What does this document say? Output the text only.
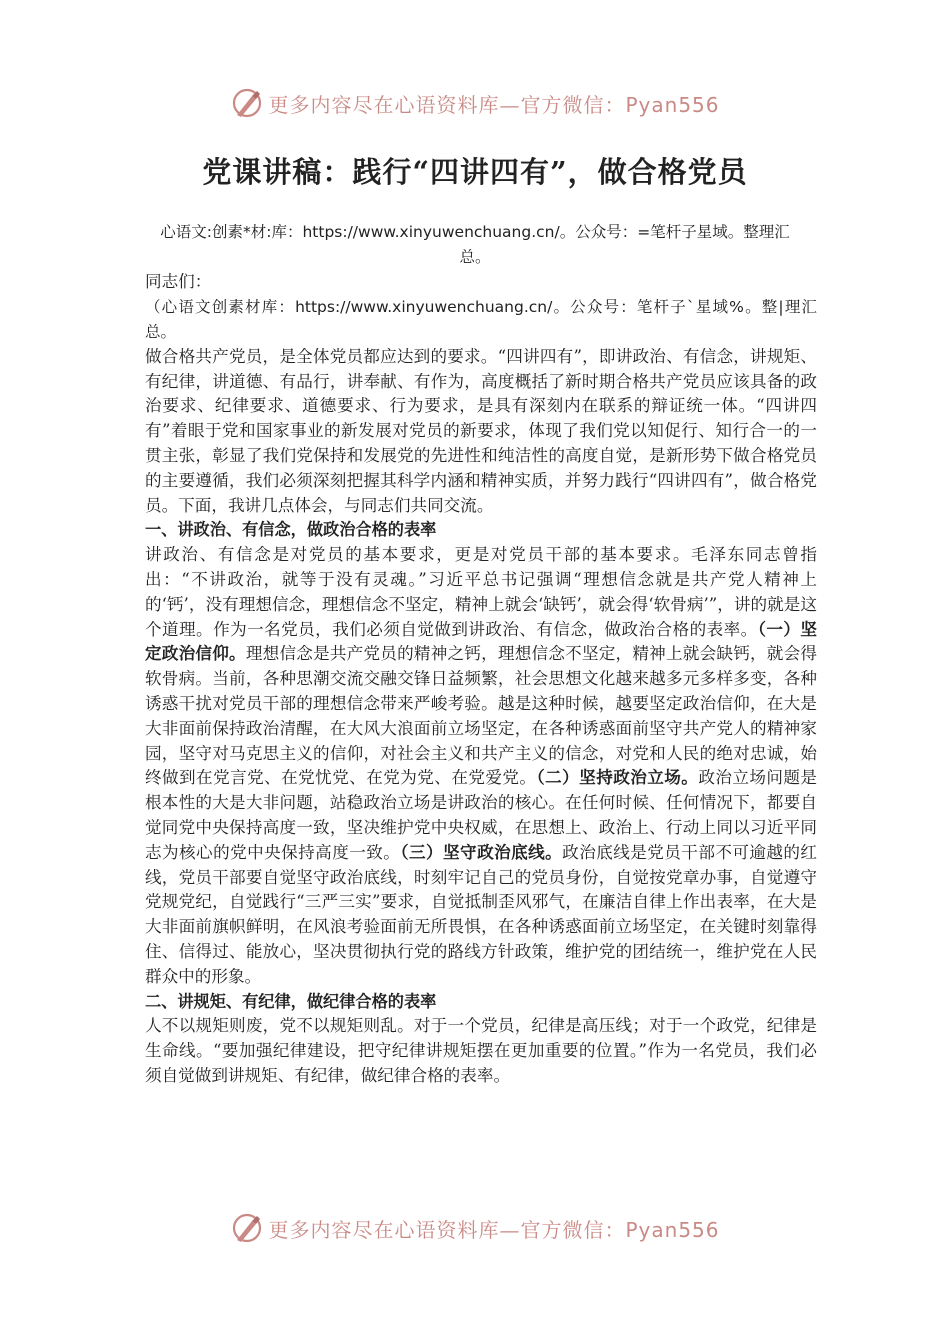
更多内容尽在心语资料库—官方微信：Pyan556
党课讲稿：践行“四讲四有”，做合格党员
心语文:创素*材:库：https://www.xinyuwenchuang.cn/。公众号：=笔杆子星域。整理汇总。

同志们：

（心语文创素材库：https://www.xinyuwenchuang.cn/。公众号：笔杆子`星域%。整|理汇总。

做合格共产党员，是全体党员都应达到的要求。“四讲四有”，即讲政治、有信念，讲规矩、有纪律，讲道德、有品行，讲奉献、有作为，高度概括了新时期合格共产党员应该具备的政治要求、纪律要求、道德要求、行为要求，是具有深刻内在联系的辩证统一体。“四讲四有”着眼于党和国家事业的新发展对党员的新要求，体现了我们党以知促行、知行合一的一贯主张，彰显了我们党保持和发展党的先进性和纯洁性的高度自觉，是新形势下做合格党员的主要遵循，我们必须深刻把握其科学内涵和精神实质，并努力践行“四讲四有”，做合格党员。下面，我讲几点体会，与同志们共同交流。

一、讲政治、有信念，做政治合格的表率

讲政治、有信念是对党员的基本要求，更是对党员干部的基本要求。毛泽东同志曾指出：“不讲政治，就等于没有灵魂。”习近平总书记强调“理想信念就是共产党人精神上的‘钙’，没有理想信念，理想信念不坚定，精神上就会‘缺钙’，就会得‘软骨病’”，讲的就是这个道理。作为一名党员，我们必须自觉做到讲政治、有信念，做政治合格的表率。（一）坚定政治信仰。理想信念是共产党员的精神之钙，理想信念不坚定，精神上就会缺钙，就会得软骨病。当前，各种思潮交流交融交锋日益频繁，社会思想文化越来越多元多样多变，各种诱惑干扰对党员干部的理想信念带来严峻考验。越是这种时候，越要坚定政治信仰，在大是大非面前保持政治清醒，在大风大浪面前立场坚定，在各种诱惑面前坚守共产党人的精神家园，坚守对马克思主义的信仰，对社会主义和共产主义的信念，对党和人民的绝对忠诚，始终做到在党言党、在党忧党、在党为党、在党爱党。（二）坚持政治立场。政治立场问题是根本性的大是大非问题，站稳政治立场是讲政治的核心。在任何时候、任何情况下，都要自觉同党中央保持高度一致，坚决维护党中央权威，在思想上、政治上、行动上同以习近平同志为核心的党中央保持高度一致。（三）坚守政治底线。政治底线是党员干部不可逾越的红线，党员干部要自觉坚守政治底线，时刻牢记自己的党员身份，自觉按党章办事，自觉遵守党规党纪，自觉践行“三严三实”要求，自觉抵制歪风邪气，在廉洁自律上作出表率，在大是大非面前旗帜鲜明，在风浪考验面前无所畏惧，在各种诱惑面前立场坚定，在关键时刻靠得住、信得过、能放心，坚决贯彻执行党的路线方针政策，维护党的团结统一，维护党在人民群众中的形象。

二、讲规矩、有纪律，做纪律合格的表率

人不以规矩则废，党不以规矩则乱。对于一个党员，纪律是高压线；对于一个政党，纪律是生命线。“要加强纪律建设，把守纪律讲规矩摆在更加重要的位置。”作为一名党员，我们必须自觉做到讲规矩、有纪律，做纪律合格的表率。

更多内容尽在心语资料库—官方微信：Pyan556
